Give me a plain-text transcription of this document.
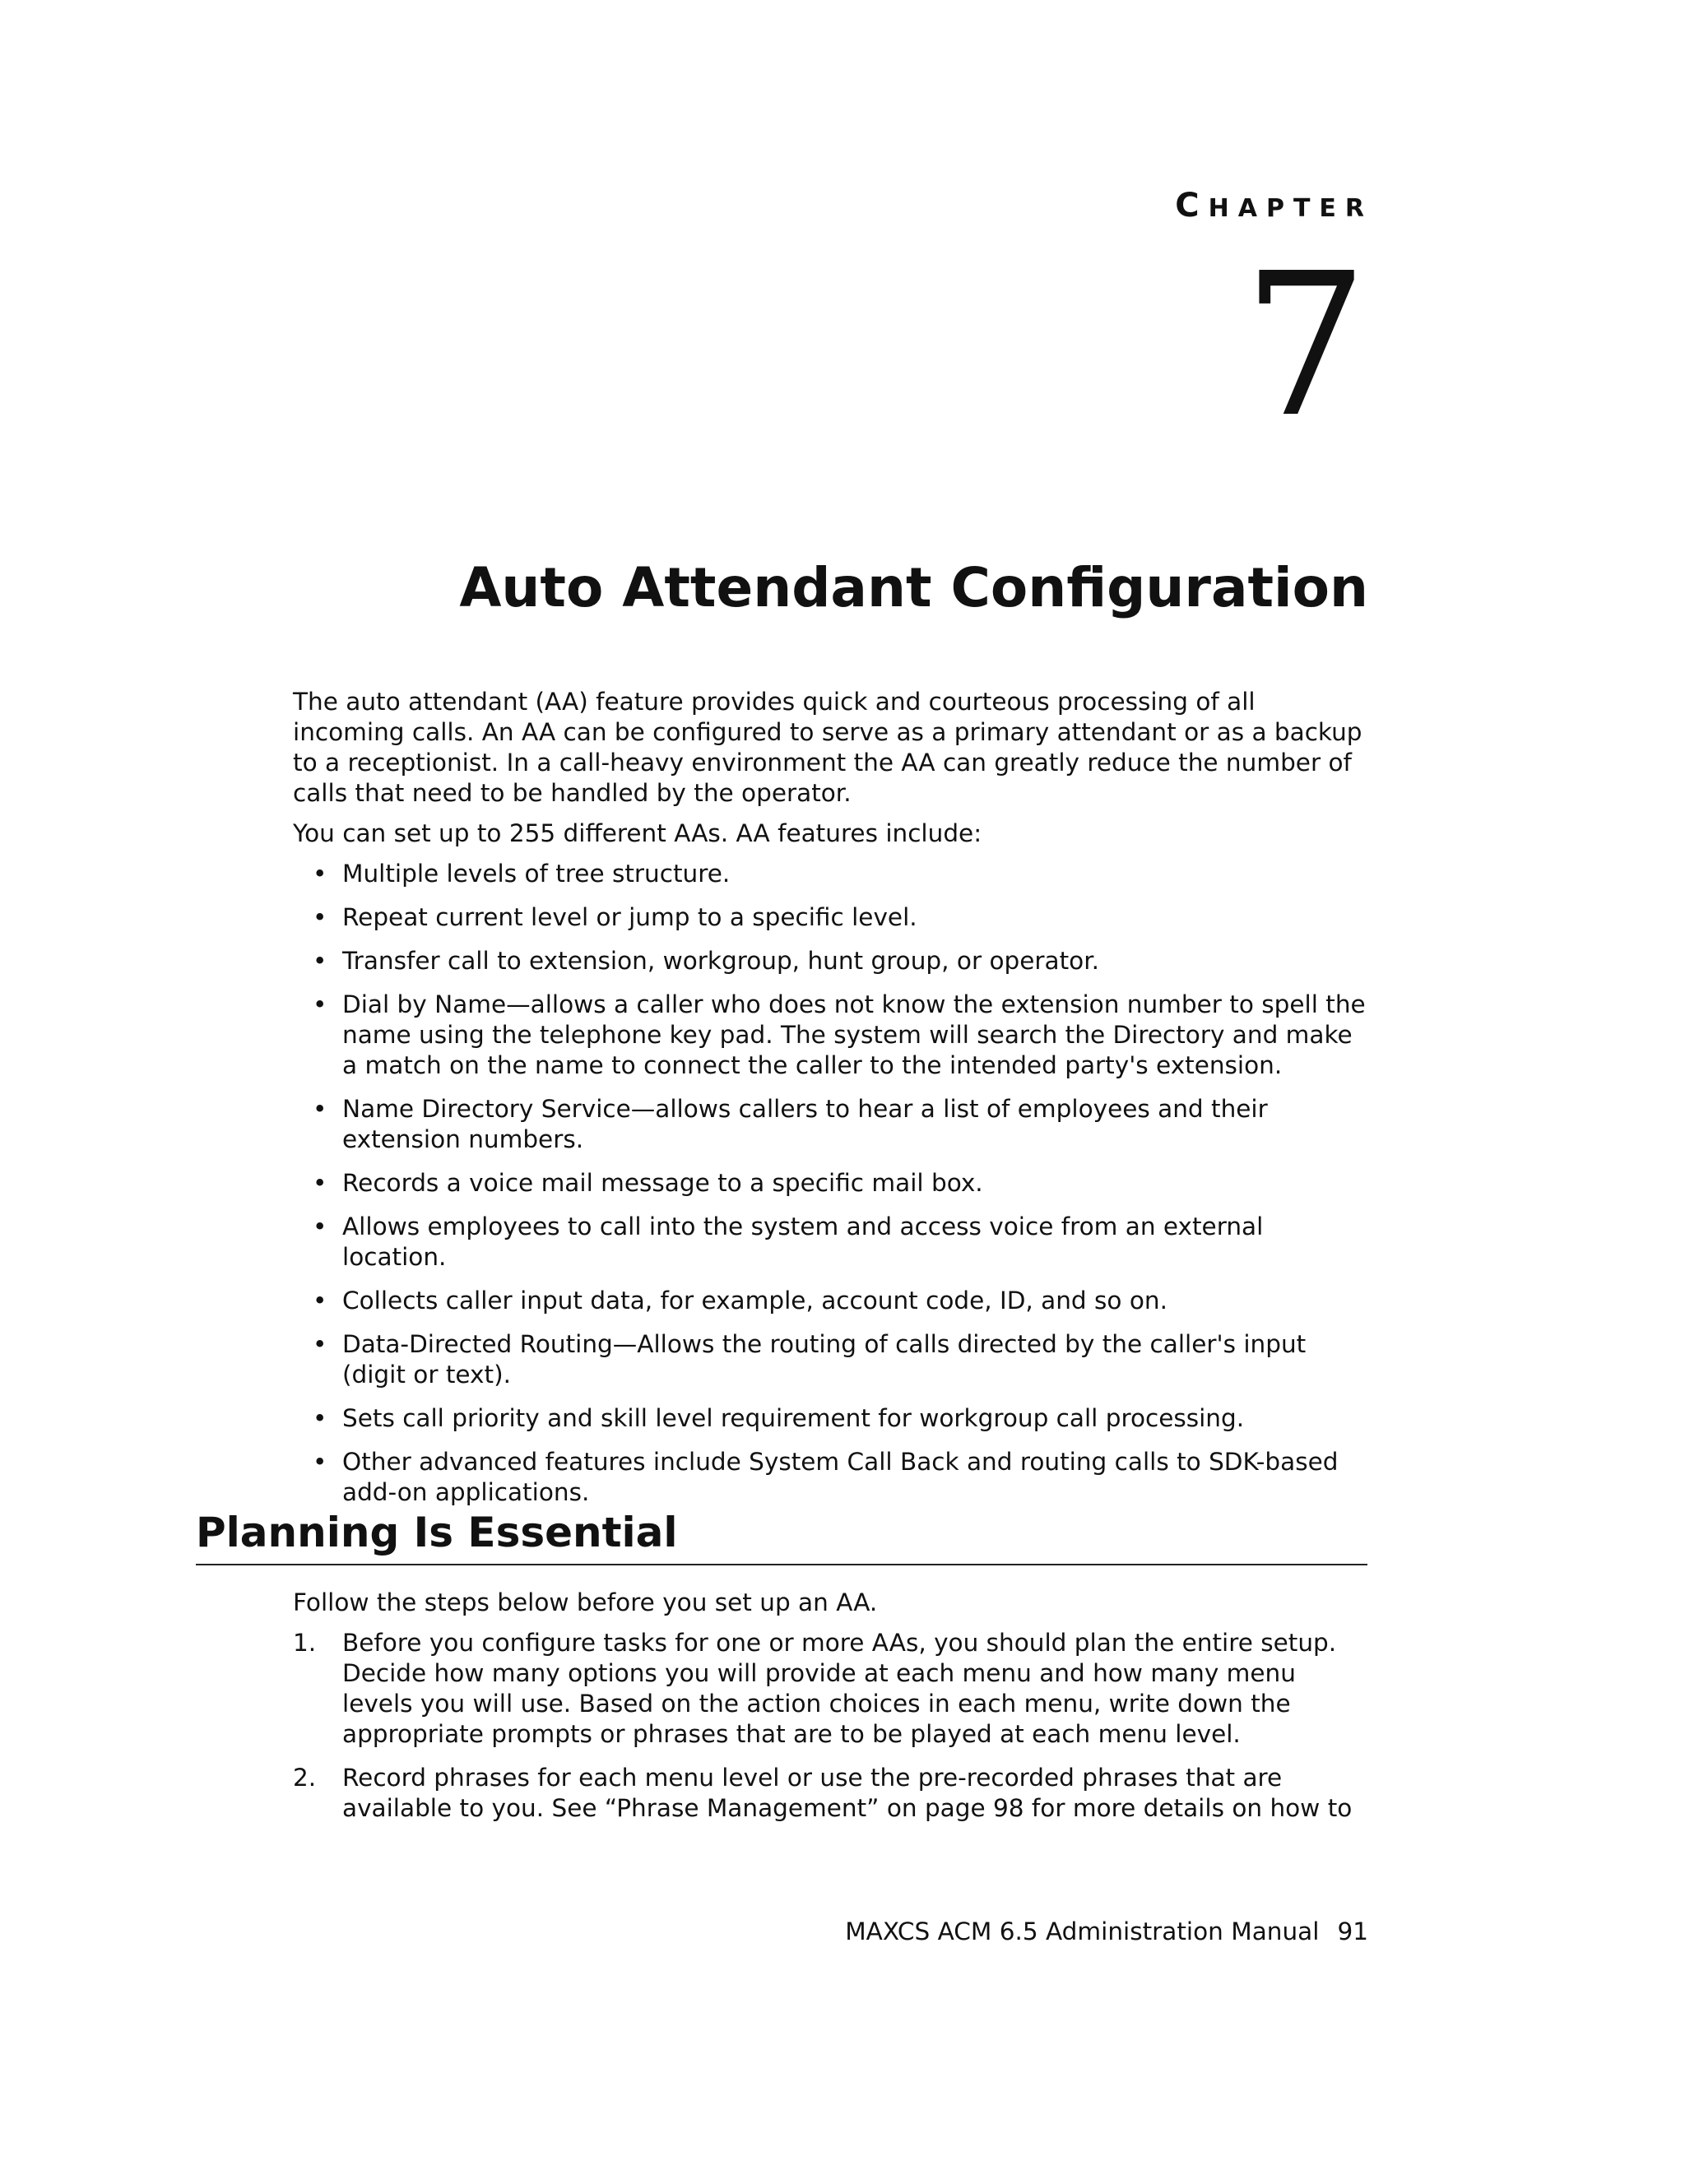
CHAPTER
7
Auto Attendant Configuration

The auto attendant (AA) feature provides quick and courteous processing of all incoming calls. An AA can be configured to serve as a primary attendant or as a backup to a receptionist. In a call-heavy environment the AA can greatly reduce the number of calls that need to be handled by the operator.

You can set up to 255 different AAs. AA features include:

• Multiple levels of tree structure.
• Repeat current level or jump to a specific level.
• Transfer call to extension, workgroup, hunt group, or operator.
• Dial by Name—allows a caller who does not know the extension number to spell the name using the telephone key pad. The system will search the Directory and make a match on the name to connect the caller to the intended party's extension.
• Name Directory Service—allows callers to hear a list of employees and their extension numbers.
• Records a voice mail message to a specific mail box.
• Allows employees to call into the system and access voice from an external location.
• Collects caller input data, for example, account code, ID, and so on.
• Data-Directed Routing—Allows the routing of calls directed by the caller's input (digit or text).
• Sets call priority and skill level requirement for workgroup call processing.
• Other advanced features include System Call Back and routing calls to SDK-based add-on applications.
Planning Is Essential

Follow the steps below before you set up an AA.

1. Before you configure tasks for one or more AAs, you should plan the entire setup. Decide how many options you will provide at each menu and how many menu levels you will use. Based on the action choices in each menu, write down the appropriate prompts or phrases that are to be played at each menu level.
2. Record phrases for each menu level or use the pre-recorded phrases that are available to you. See “Phrase Management” on page 98 for more details on how to
MAXCS ACM 6.5 Administration Manual 91
